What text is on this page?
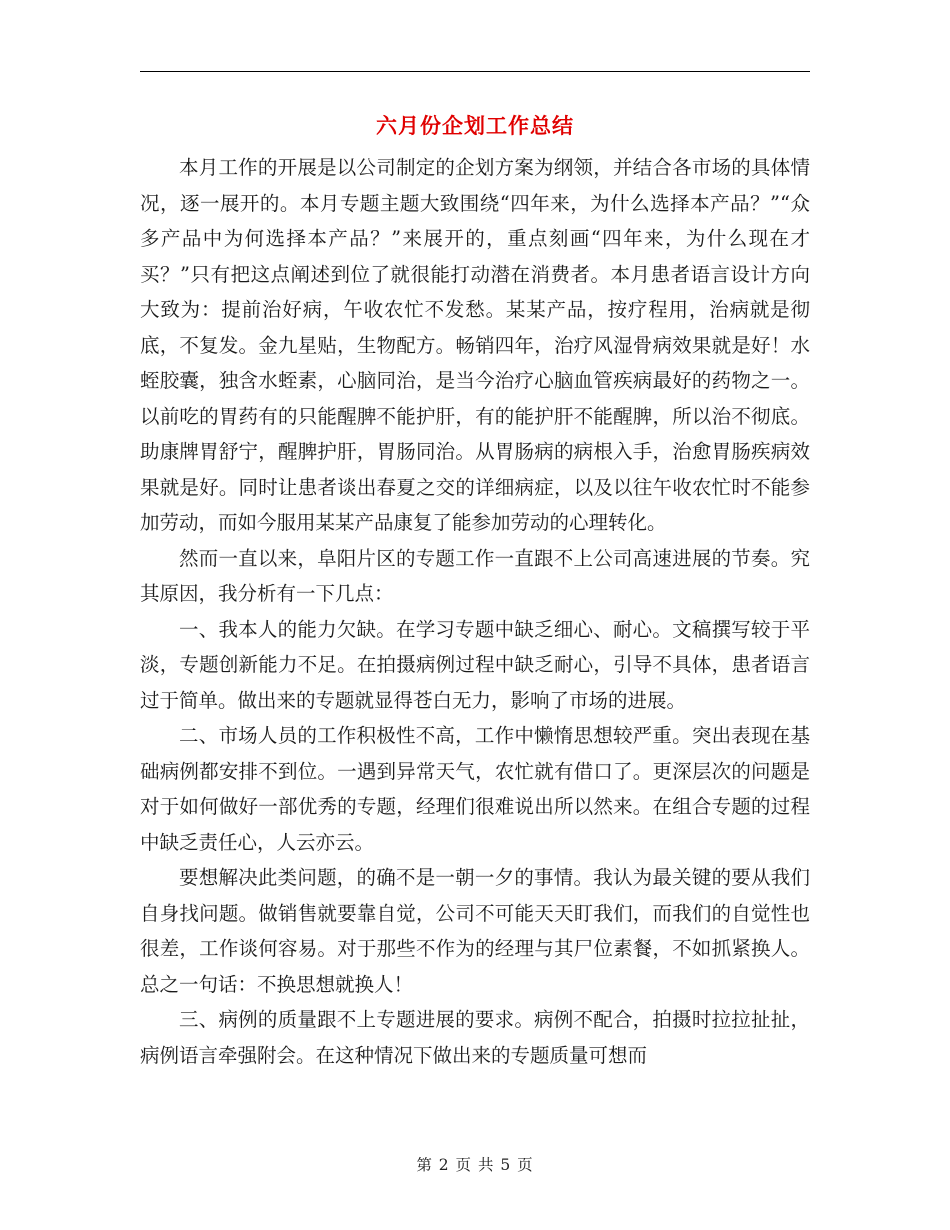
六月份企划工作总结

本月工作的开展是以公司制定的企划方案为纲领，并结合各市场的具体情况，逐一展开的。本月专题主题大致围绕“四年来，为什么选择本产品？”“众多产品中为何选择本产品？”来展开的，重点刻画“四年来，为什么现在才买？”只有把这点阐述到位了就很能打动潜在消费者。本月患者语言设计方向大致为：提前治好病，午收农忙不发愁。某某产品，按疗程用，治病就是彻底，不复发。金九星贴，生物配方。畅销四年，治疗风湿骨病效果就是好！水蛭胶囊，独含水蛭素，心脑同治，是当今治疗心脑血管疾病最好的药物之一。以前吃的胃药有的只能醒脾不能护肝，有的能护肝不能醒脾，所以治不彻底。助康牌胃舒宁，醒脾护肝，胃肠同治。从胃肠病的病根入手，治愈胃肠疾病效果就是好。同时让患者谈出春夏之交的详细病症，以及以往午收农忙时不能参加劳动，而如今服用某某产品康复了能参加劳动的心理转化。

然而一直以来，阜阳片区的专题工作一直跟不上公司高速进展的节奏。究其原因，我分析有一下几点：

一、我本人的能力欠缺。在学习专题中缺乏细心、耐心。文稿撰写较于平淡，专题创新能力不足。在拍摄病例过程中缺乏耐心，引导不具体，患者语言过于简单。做出来的专题就显得苍白无力，影响了市场的进展。

二、市场人员的工作积极性不高，工作中懒惰思想较严重。突出表现在基础病例都安排不到位。一遇到异常天气，农忙就有借口了。更深层次的问题是对于如何做好一部优秀的专题，经理们很难说出所以然来。在组合专题的过程中缺乏责任心，人云亦云。

要想解决此类问题，的确不是一朝一夕的事情。我认为最关键的要从我们自身找问题。做销售就要靠自觉，公司不可能天天盯我们，而我们的自觉性也很差，工作谈何容易。对于那些不作为的经理与其尸位素餐，不如抓紧换人。总之一句话：不换思想就换人！

三、病例的质量跟不上专题进展的要求。病例不配合，拍摄时拉拉扯扯，病例语言牵强附会。在这种情况下做出来的专题质量可想而

第 2 页 共 5 页
